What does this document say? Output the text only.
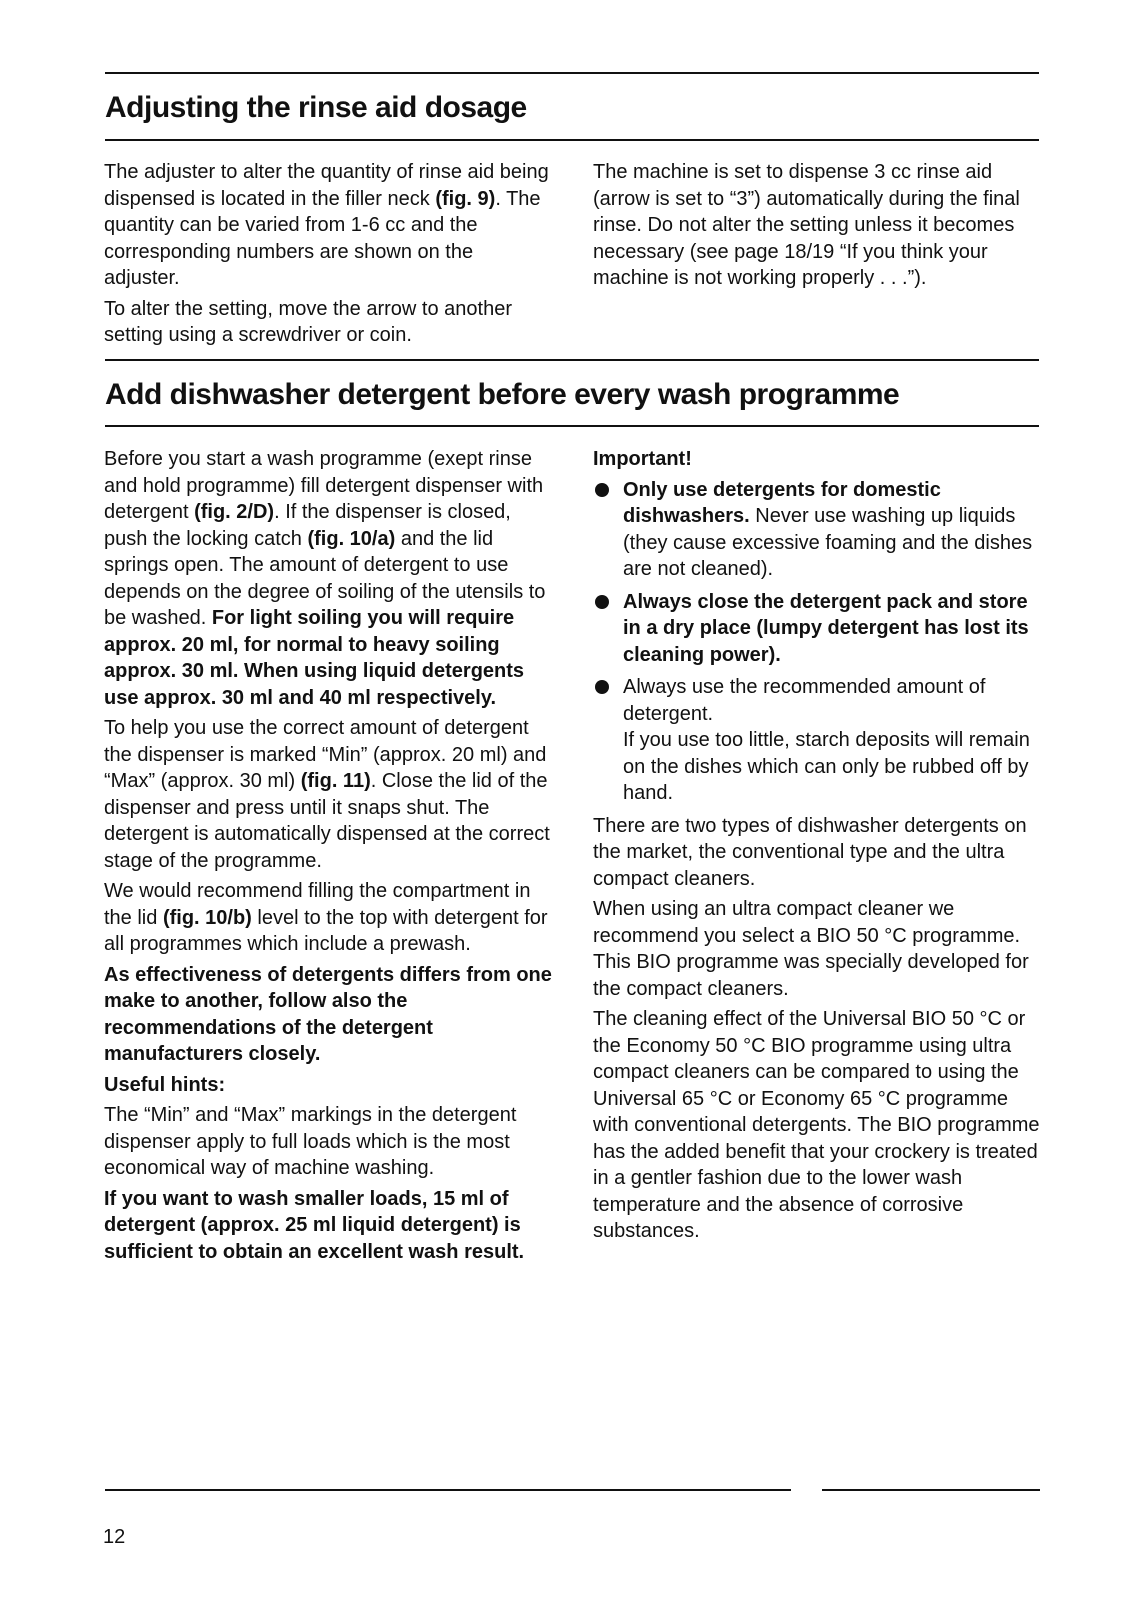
Adjusting the rinse aid dosage

The adjuster to alter the quantity of rinse aid being dispensed is located in the filler neck (fig. 9). The quantity can be varied from 1-6 cc and the corresponding numbers are shown on the adjuster.

To alter the setting, move the arrow to another setting using a screwdriver or coin.

The machine is set to dispense 3 cc rinse aid (arrow is set to “3”) automatically during the final rinse. Do not alter the setting unless it becomes necessary (see page 18/19 “If you think your machine is not working properly . . .”).

Add dishwasher detergent before every wash programme

Before you start a wash programme (exept rinse and hold programme) fill detergent dispenser with detergent (fig. 2/D). If the dispenser is closed, push the locking catch (fig. 10/a) and the lid springs open. The amount of detergent to use depends on the degree of soiling of the utensils to be washed. For light soiling you will require approx. 20 ml, for normal to heavy soiling approx. 30 ml. When using liquid detergents use approx. 30 ml and 40 ml respectively.

To help you use the correct amount of detergent the dispenser is marked “Min” (approx. 20 ml) and “Max” (approx. 30 ml) (fig. 11). Close the lid of the dispenser and press until it snaps shut. The detergent is automatically dispensed at the correct stage of the programme.

We would recommend filling the compartment in the lid (fig. 10/b) level to the top with detergent for all programmes which include a prewash.

As effectiveness of detergents differs from one make to another, follow also the recommendations of the detergent manufacturers closely.

Useful hints:

The “Min” and “Max” markings in the detergent dispenser apply to full loads which is the most economical way of machine washing.

If you want to wash smaller loads, 15 ml of detergent (approx. 25 ml liquid detergent) is sufficient to obtain an excellent wash result.

Important!

Only use detergents for domestic dishwashers. Never use washing up liquids (they cause excessive foaming and the dishes are not cleaned).
Always close the detergent pack and store in a dry place (lumpy detergent has lost its cleaning power).
Always use the recommended amount of detergent.
If you use too little, starch deposits will remain on the dishes which can only be rubbed off by hand.

There are two types of dishwasher detergents on the market, the conventional type and the ultra compact cleaners.

When using an ultra compact cleaner we recommend you select a BIO 50 °C programme. This BIO programme was specially developed for the compact cleaners.

The cleaning effect of the Universal BIO 50 °C or the Economy 50 °C BIO programme using ultra compact cleaners can be compared to using the Universal 65 °C or Economy 65 °C programme with conventional detergents. The BIO programme has the added benefit that your crockery is treated in a gentler fashion due to the lower wash temperature and the absence of corrosive substances.

12
